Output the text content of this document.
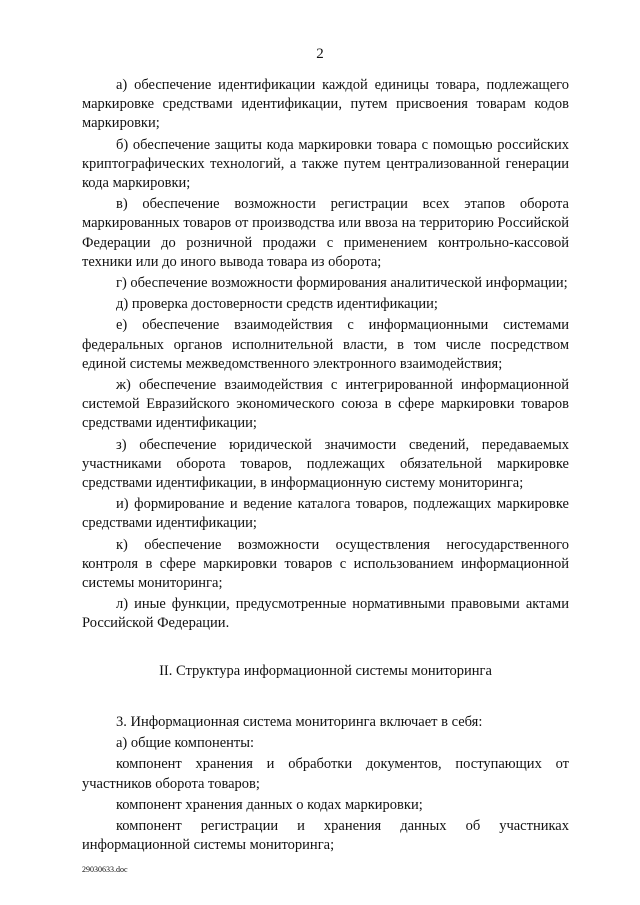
2

а) обеспечение идентификации каждой единицы товара, подлежащего маркировке средствами идентификации, путем присвоения товарам кодов маркировки;

б) обеспечение защиты кода маркировки товара с помощью российских криптографических технологий, а также путем централизованной генерации кода маркировки;

в) обеспечение возможности регистрации всех этапов оборота маркированных товаров от производства или ввоза на территорию Российской Федерации до розничной продажи с применением контрольно-кассовой техники или до иного вывода товара из оборота;

г) обеспечение возможности формирования аналитической информации;

д) проверка достоверности средств идентификации;

е) обеспечение взаимодействия с информационными системами федеральных органов исполнительной власти, в том числе посредством единой системы межведомственного электронного взаимодействия;

ж) обеспечение взаимодействия с интегрированной информационной системой Евразийского экономического союза в сфере маркировки товаров средствами идентификации;

з) обеспечение юридической значимости сведений, передаваемых участниками оборота товаров, подлежащих обязательной маркировке средствами идентификации, в информационную систему мониторинга;

и) формирование и ведение каталога товаров, подлежащих маркировке средствами идентификации;

к) обеспечение возможности осуществления негосударственного контроля в сфере маркировки товаров с использованием информационной системы мониторинга;

л) иные функции, предусмотренные нормативными правовыми актами Российской Федерации.

II. Структура информационной системы мониторинга

3. Информационная система мониторинга включает в себя:

а) общие компоненты:

компонент хранения и обработки документов, поступающих от участников оборота товаров;

компонент хранения данных о кодах маркировки;

компонент регистрации и хранения данных об участниках информационной системы мониторинга;

29030633.doc
